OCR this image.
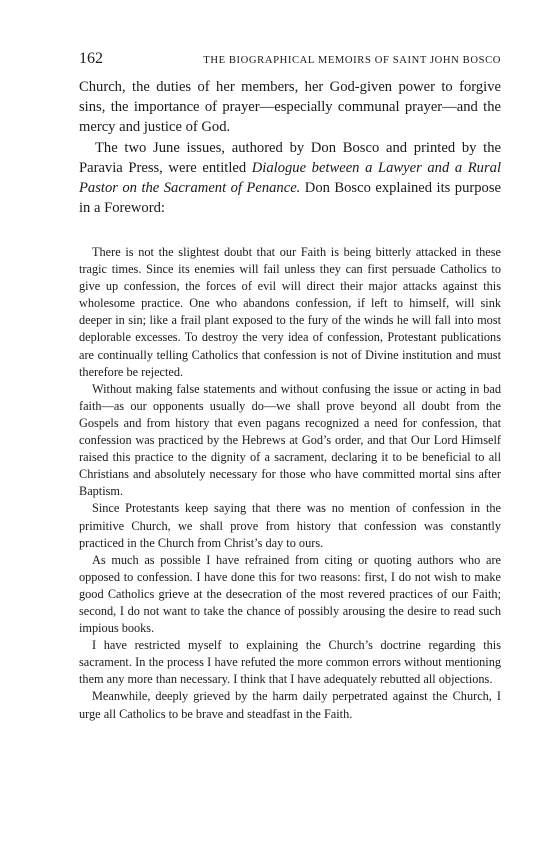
162	THE BIOGRAPHICAL MEMOIRS OF SAINT JOHN BOSCO

Church, the duties of her members, her God-given power to forgive sins, the importance of prayer—especially communal prayer—and the mercy and justice of God.

The two June issues, authored by Don Bosco and printed by the Paravia Press, were entitled Dialogue between a Lawyer and a Rural Pastor on the Sacrament of Penance. Don Bosco explained its purpose in a Foreword:

There is not the slightest doubt that our Faith is being bitterly attacked in these tragic times. Since its enemies will fail unless they can first persuade Catholics to give up confession, the forces of evil will direct their major attacks against this wholesome practice. One who abandons confession, if left to himself, will sink deeper in sin; like a frail plant exposed to the fury of the winds he will fall into most deplorable excesses. To destroy the very idea of confession, Protestant publications are continually telling Catholics that confession is not of Divine institution and must therefore be rejected.

Without making false statements and without confusing the issue or acting in bad faith—as our opponents usually do—we shall prove beyond all doubt from the Gospels and from history that even pagans recognized a need for confession, that confession was practiced by the Hebrews at God’s order, and that Our Lord Himself raised this practice to the dignity of a sacrament, declaring it to be beneficial to all Christians and absolutely necessary for those who have committed mortal sins after Baptism.

Since Protestants keep saying that there was no mention of confession in the primitive Church, we shall prove from history that confession was constantly practiced in the Church from Christ’s day to ours.

As much as possible I have refrained from citing or quoting authors who are opposed to confession. I have done this for two reasons: first, I do not wish to make good Catholics grieve at the desecration of the most revered practices of our Faith; second, I do not want to take the chance of possibly arousing the desire to read such impious books.

I have restricted myself to explaining the Church’s doctrine regarding this sacrament. In the process I have refuted the more common errors without mentioning them any more than necessary. I think that I have adequately rebutted all objections.

Meanwhile, deeply grieved by the harm daily perpetrated against the Church, I urge all Catholics to be brave and steadfast in the Faith.
